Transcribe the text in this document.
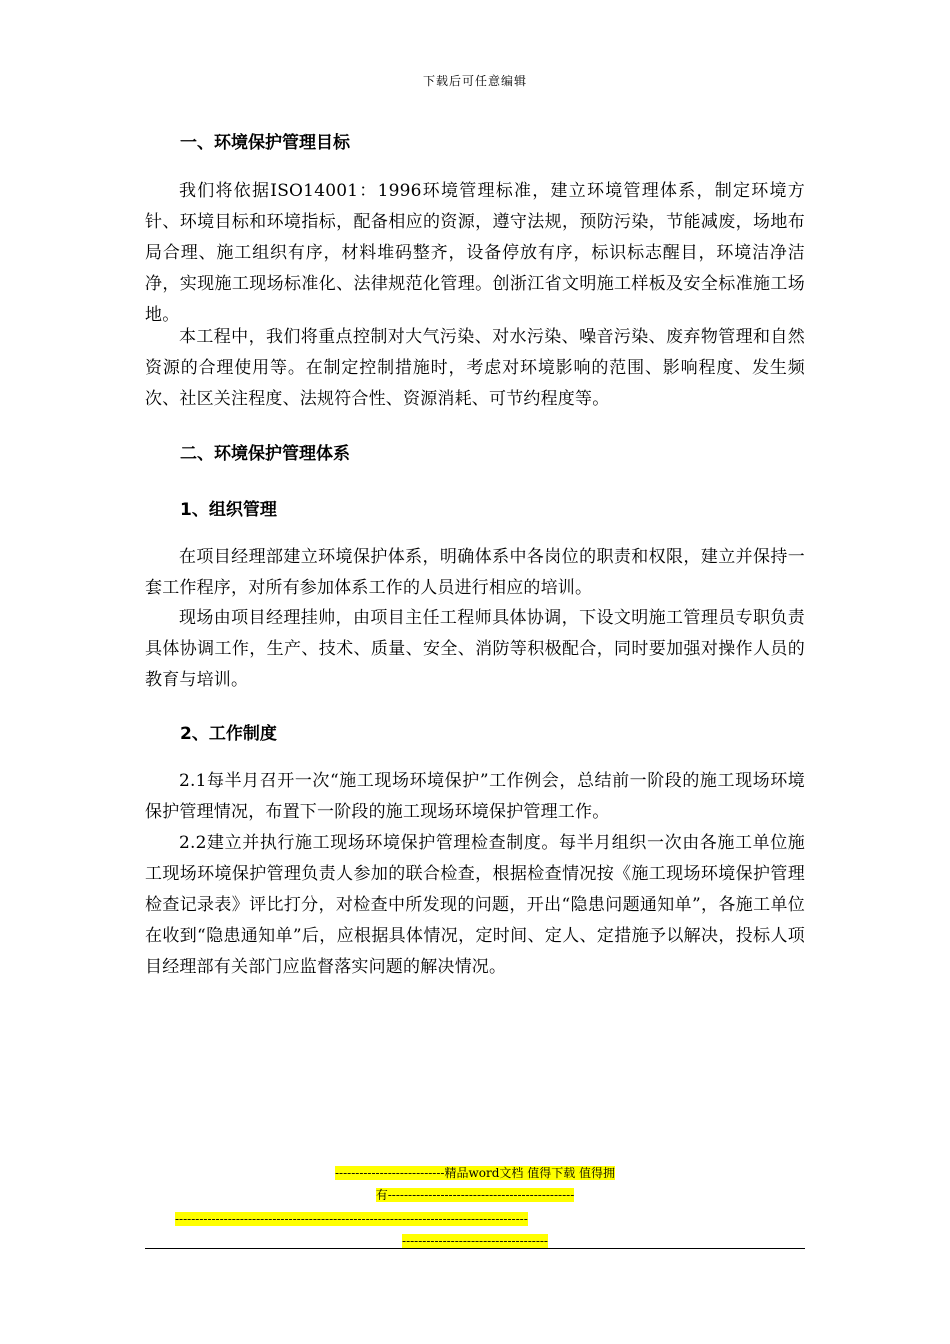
下载后可任意编辑
一、环境保护管理目标
我们将依据ISO14001：1996环境管理标准，建立环境管理体系，制定环境方针、环境目标和环境指标，配备相应的资源，遵守法规，预防污染，节能减废，场地布局合理、施工组织有序，材料堆码整齐，设备停放有序，标识标志醒目，环境洁净洁净，实现施工现场标准化、法律规范化管理。创浙江省文明施工样板及安全标准施工场地。
本工程中，我们将重点控制对大气污染、对水污染、噪音污染、废弃物管理和自然资源的合理使用等。在制定控制措施时，考虑对环境影响的范围、影响程度、发生频次、社区关注程度、法规符合性、资源消耗、可节约程度等。
二、环境保护管理体系
1、组织管理
在项目经理部建立环境保护体系，明确体系中各岗位的职责和权限，建立并保持一套工作程序，对所有参加体系工作的人员进行相应的培训。
现场由项目经理挂帅，由项目主任工程师具体协调，下设文明施工管理员专职负责具体协调工作，生产、技术、质量、安全、消防等积极配合，同时要加强对操作人员的教育与培训。
2、工作制度
2.1每半月召开一次“施工现场环境保护”工作例会，总结前一阶段的施工现场环境保护管理情况，布置下一阶段的施工现场环境保护管理工作。
2.2建立并执行施工现场环境保护管理检查制度。每半月组织一次由各施工单位施工现场环境保护管理负责人参加的联合检查，根据检查情况按《施工现场环境保护管理检查记录表》评比打分，对检查中所发现的问题，开出“隐患问题通知单”，各施工单位在收到“隐患通知单”后，应根据具体情况，定时间、定人、定措施予以解决，投标人项目经理部有关部门应监督落实问题的解决情况。
---------------------------精品word文档 值得下载 值得拥
有----------------------------------------------
---------------------------------------------------------------------------------------
------------------------------------
